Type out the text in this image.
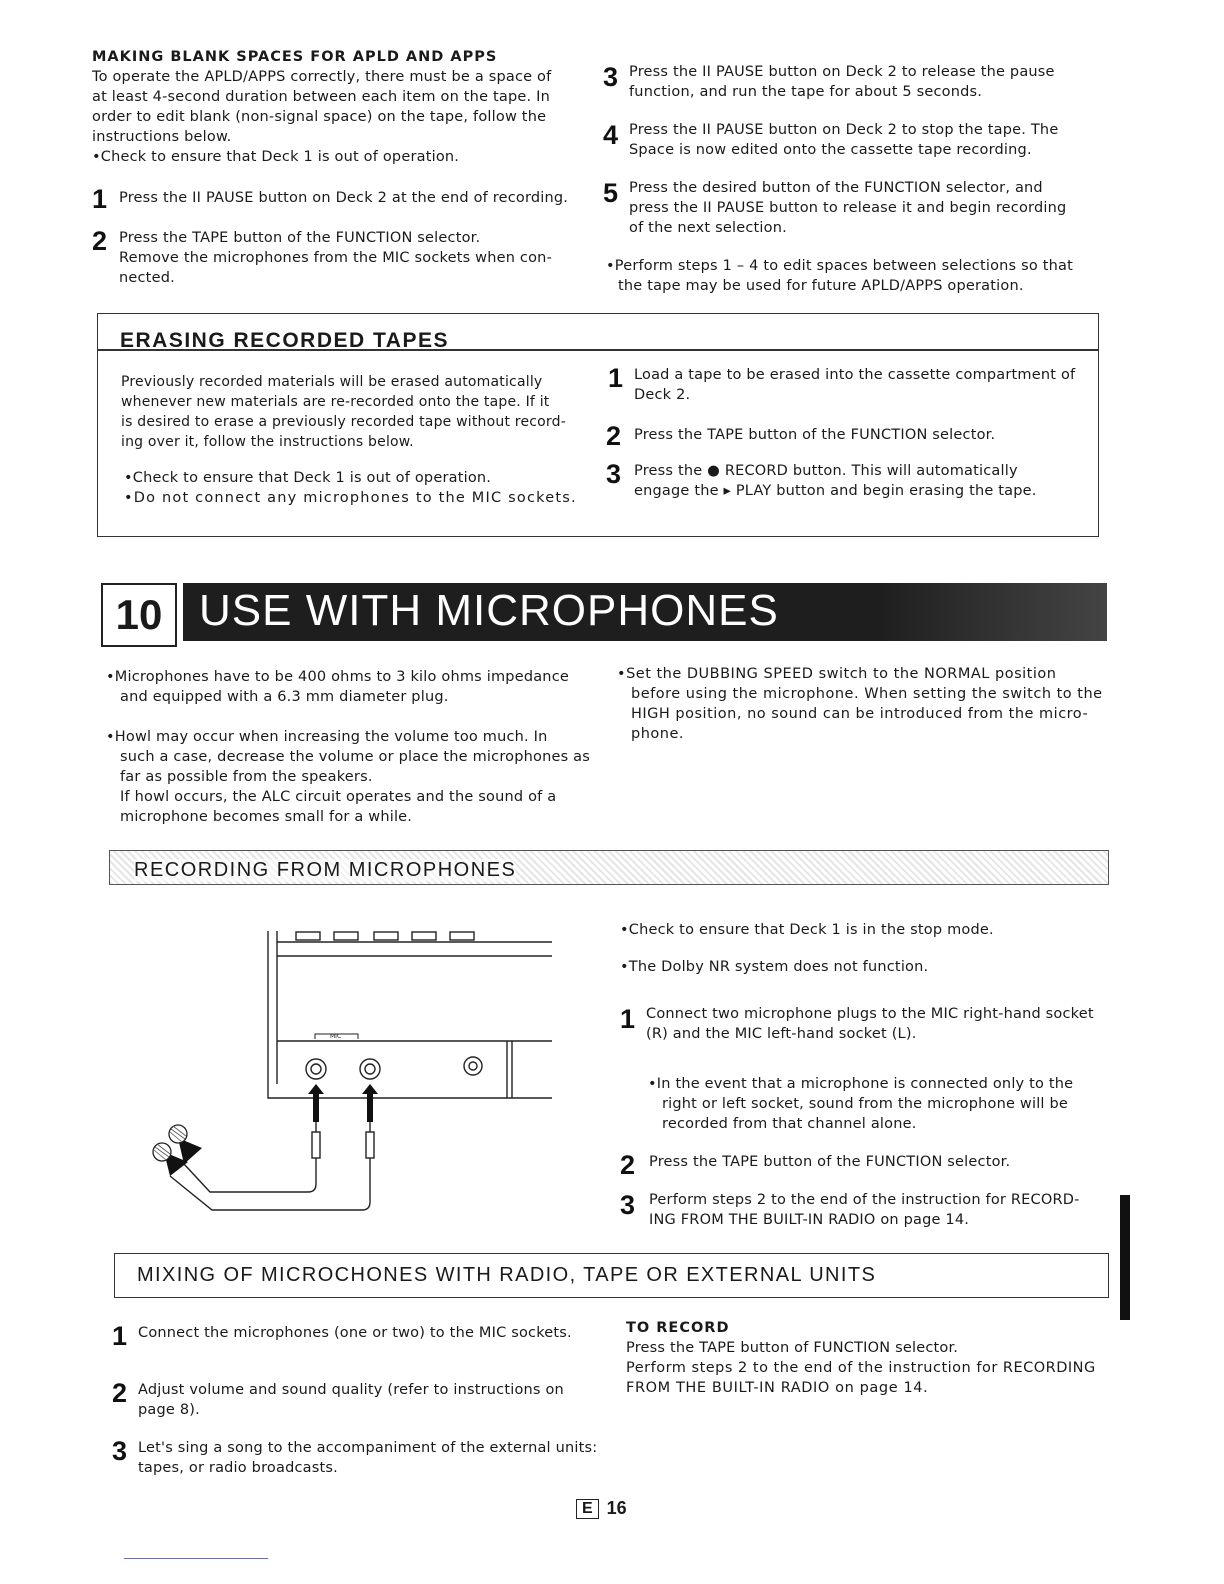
MAKING BLANK SPACES FOR APLD AND APPS
To operate the APLD/APPS correctly, there must be a space of
at least 4-second duration between each item on the tape. In
order to edit blank (non-signal space) on the tape, follow the
instructions below.
• Check to ensure that Deck 1 is out of operation.
1 Press the II PAUSE button on Deck 2 at the end of recording.
2 Press the TAPE button of the FUNCTION selector.
Remove the microphones from the MIC sockets when con-
nected.
3 Press the II PAUSE button on Deck 2 to release the pause
function, and run the tape for about 5 seconds.
4 Press the II PAUSE button on Deck 2 to stop the tape. The
Space is now edited onto the cassette tape recording.
5 Press the desired button of the FUNCTION selector, and
press the II PAUSE button to release it and begin recording
of the next selection.
• Perform steps 1 – 4 to edit spaces between selections so that
the tape may be used for future APLD/APPS operation.
ERASING RECORDED TAPES
Previously recorded materials will be erased automatically
whenever new materials are re-recorded onto the tape. If it
is desired to erase a previously recorded tape without record-
ing over it, follow the instructions below.
• Check to ensure that Deck 1 is out of operation.
• Do not connect any microphones to the MIC sockets.
1 Load a tape to be erased into the cassette compartment of
Deck 2.
2 Press the TAPE button of the FUNCTION selector.
3 Press the ● RECORD button. This will automatically
engage the ▸ PLAY button and begin erasing the tape.
10 USE WITH MICROPHONES
• Microphones have to be 400 ohms to 3 kilo ohms impedance
and equipped with a 6.3 mm diameter plug.
• Howl may occur when increasing the volume too much. In
such a case, decrease the volume or place the microphones as
far as possible from the speakers.
If howl occurs, the ALC circuit operates and the sound of a
microphone becomes small for a while.
• Set the DUBBING SPEED switch to the NORMAL position
before using the microphone. When setting the switch to the
HIGH position, no sound can be introduced from the micro-
phone.
RECORDING FROM MICROPHONES
MIC
• Check to ensure that Deck 1 is in the stop mode.
• The Dolby NR system does not function.
1 Connect two microphone plugs to the MIC right-hand socket
(R) and the MIC left-hand socket (L).
• In the event that a microphone is connected only to the
right or left socket, sound from the microphone will be
recorded from that channel alone.
2 Press the TAPE button of the FUNCTION selector.
3 Perform steps 2 to the end of the instruction for RECORD-
ING FROM THE BUILT-IN RADIO on page 14.
MIXING OF MICROCHONES WITH RADIO, TAPE OR EXTERNAL UNITS
1 Connect the microphones (one or two) to the MIC sockets.
2 Adjust volume and sound quality (refer to instructions on
page 8).
3 Let's sing a song to the accompaniment of the external units:
tapes, or radio broadcasts.
TO RECORD
Press the TAPE button of FUNCTION selector.
Perform steps 2 to the end of the instruction for RECORDING
FROM THE BUILT-IN RADIO on page 14.
E 16
